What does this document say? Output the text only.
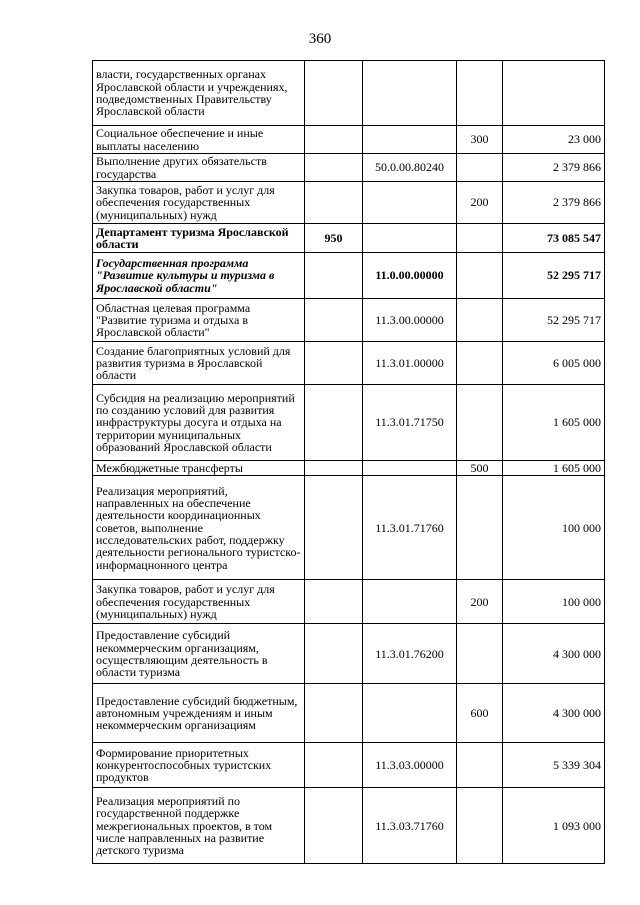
360
власти, государственных органах Ярославской области и учреждениях, подведомственных Правительству Ярославской области				
Социальное обеспечение и иные выплаты населению			300	23 000
Выполнение других обязательств государства		50.0.00.80240		2 379 866
Закупка товаров, работ и услуг для обеспечения государственных (муниципальных) нужд			200	2 379 866
Департамент туризма Ярославской области	950			73 085 547
Государственная программа "Развитие культуры и туризма в Ярославской области"		11.0.00.00000		52 295 717
Областная целевая программа "Развитие туризма и отдыха в Ярославской области"		11.3.00.00000		52 295 717
Создание благоприятных условий для развития туризма в Ярославской области		11.3.01.00000		6 005 000
Субсидия на реализацию мероприятий по созданию условий для развития инфраструктуры досуга и отдыха на территории муниципальных образований Ярославской области		11.3.01.71750		1 605 000
Межбюджетные трансферты			500	1 605 000
Реализация мероприятий, направленных на обеспечение деятельности координационных советов, выполнение исследовательских работ, поддержку деятельности регионального туристско-информацнонного центра		11.3.01.71760		100 000
Закупка товаров, работ и услуг для обеспечения государственных (муниципальных) нужд			200	100 000
Предоставление субсидий некоммерческим организациям, осуществляющим деятельность в области туризма		11.3.01.76200		4 300 000
Предоставление субсидий бюджетным, автономным учреждениям и иным некоммерческим организациям			600	4 300 000
Формирование приоритетных конкурентоспособных туристских продуктов		11.3.03.00000		5 339 304
Реализация мероприятий по государственной поддержке межрегиональных проектов, в том числе направленных на развитие детского туризма		11.3.03.71760		1 093 000
